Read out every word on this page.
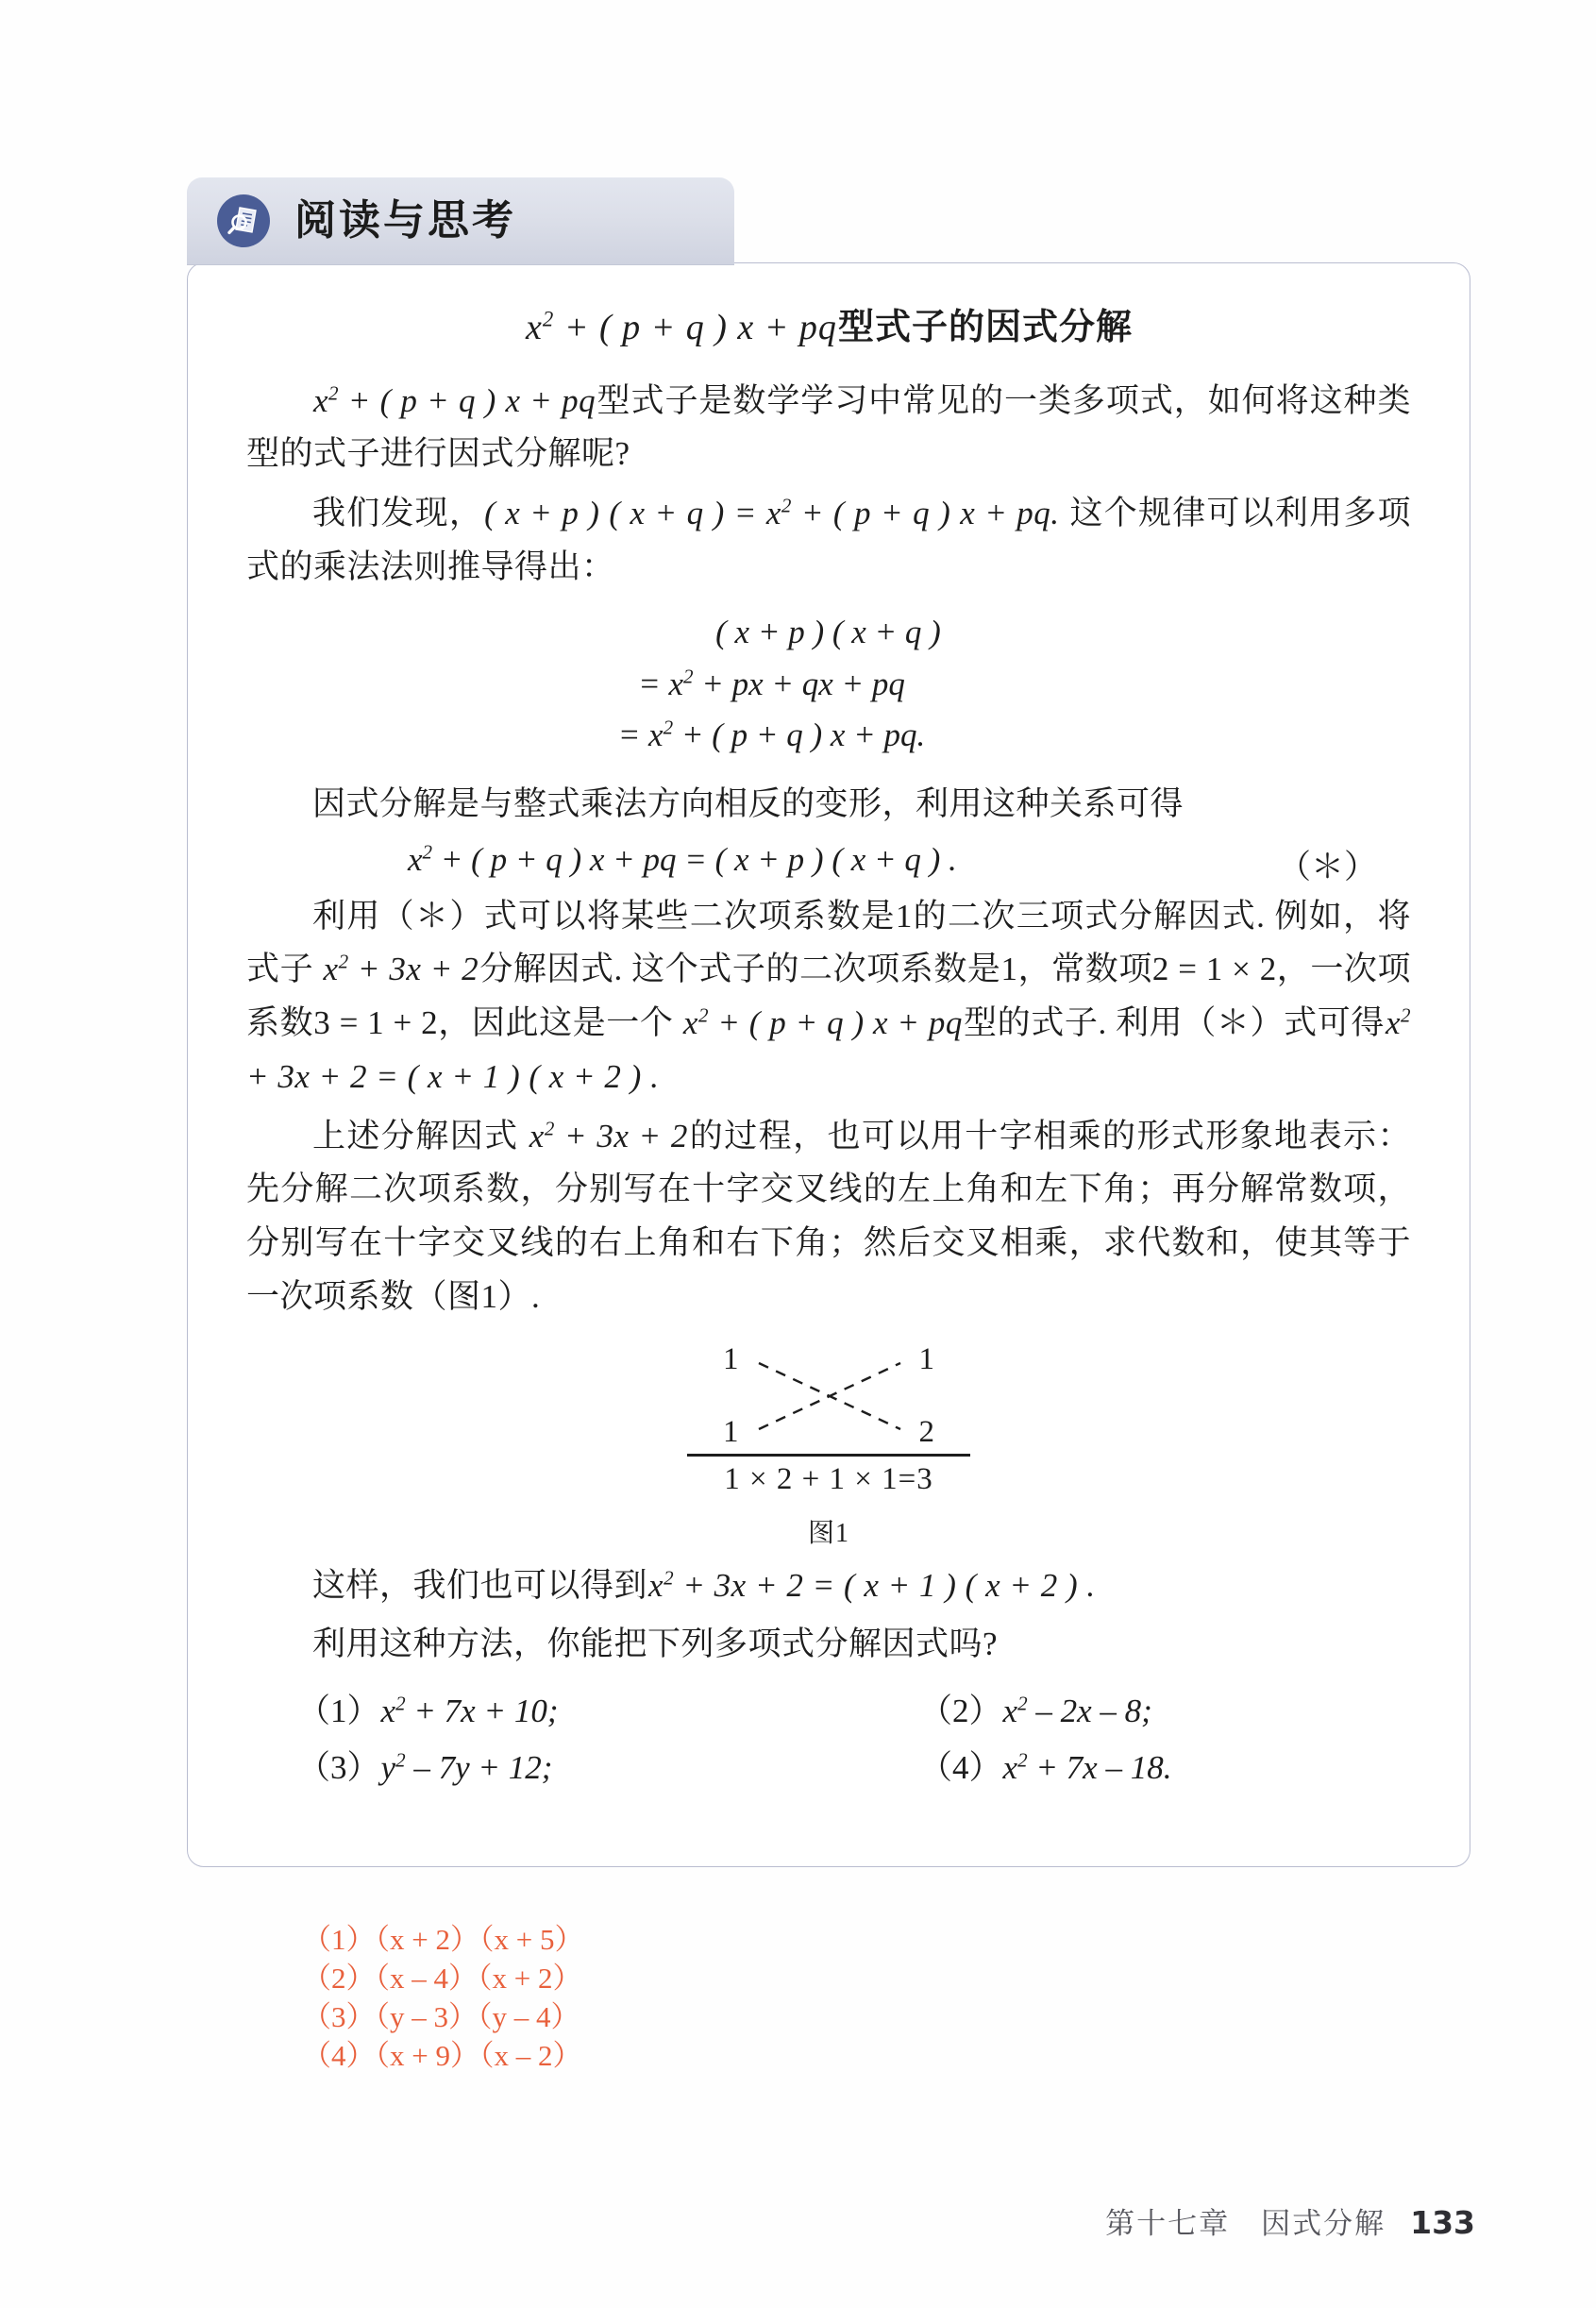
阅读与思考
$x^2$ + ( p + q ) x + pq型式子的因式分解

$x^2$ + ( p + q ) x + pq型式子是数学学习中常见的一类多项式，如何将这种类型的式子进行因式分解呢?

我们发现，( x + p ) ( x + q ) = $x^2$ + ( p + q ) x + pq. 这个规律可以利用多项式的乘法法则推导得出：

( x + p ) ( x + q )
= $x^2$ + px + qx + pq
= $x^2$ + ( p + q ) x + pq.

因式分解是与整式乘法方向相反的变形，利用这种关系可得

$x^2$ + ( p + q ) x + pq = ( x + p ) ( x + q ) .	（＊）

利用（＊）式可以将某些二次项系数是1的二次三项式分解因式. 例如，将式子 $x^2 + 3x + 2$分解因式. 这个式子的二次项系数是1，常数项2 = 1 × 2，一次项系数3 = 1 + 2，因此这是一个 $x^2$ + ( p + q ) x + pq型的式子. 利用（＊）式可得$x^2 + 3x + 2$ = ( x + 1 ) ( x + 2 ) .

上述分解因式 $x^2 + 3x + 2$的过程，也可以用十字相乘的形式形象地表示：先分解二次项系数，分别写在十字交叉线的左上角和左下角；再分解常数项，分别写在十字交叉线的右上角和右下角；然后交叉相乘，求代数和，使其等于一次项系数（图1）.

1	1
1	2
1 × 2 + 1 × 1=3
图1

这样，我们也可以得到$x^2 + 3x + 2$ = ( x + 1 ) ( x + 2 ) .

利用这种方法，你能把下列多项式分解因式吗?

$(1)x^2 + 7x + 10$;	$(2)x^2 - 2x - 8$;
$(3)y^2 - 7y + 12$;	$(4)x^2 + 7x - 18$.
（1）（x + 2）（x + 5）
（2）（x – 4）（x + 2）
（3）（y – 3）（y – 4）
（4）（x + 9）（x – 2）
第十七章　因式分解 133
